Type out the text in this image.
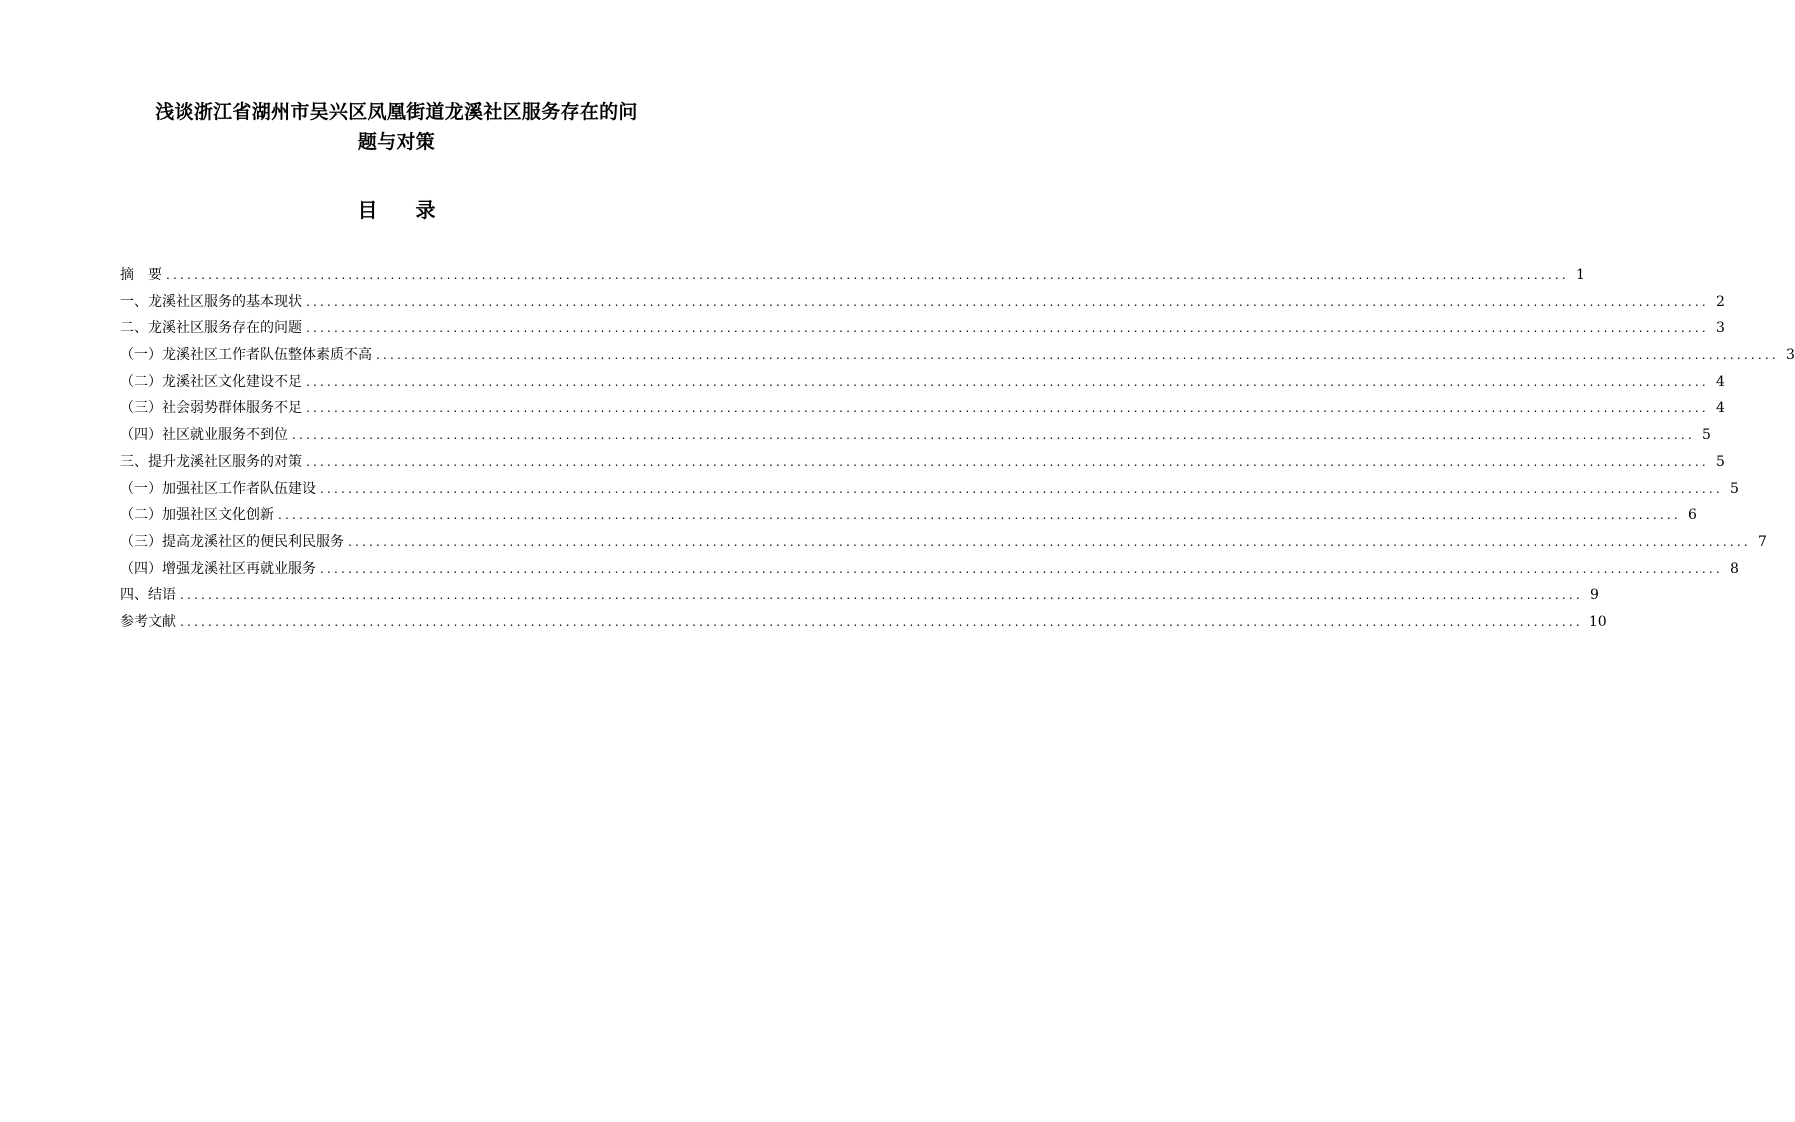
浅谈浙江省湖州市吴兴区凤凰街道龙溪社区服务存在的问
题与对策
目 录
摘　要 ........................................................................................................................................................................................................ 1
一、龙溪社区服务的基本现状 ........................................................................................................................................................................................................ 2
二、龙溪社区服务存在的问题 ........................................................................................................................................................................................................ 3
（一）龙溪社区工作者队伍整体素质不高 ........................................................................................................................................................................................................ 3
（二）龙溪社区文化建设不足 ........................................................................................................................................................................................................ 4
（三）社会弱势群体服务不足 ........................................................................................................................................................................................................ 4
（四）社区就业服务不到位 ........................................................................................................................................................................................................ 5
三、提升龙溪社区服务的对策 ........................................................................................................................................................................................................ 5
（一）加强社区工作者队伍建设 ........................................................................................................................................................................................................ 5
（二）加强社区文化创新 ........................................................................................................................................................................................................ 6
（三）提高龙溪社区的便民利民服务 ........................................................................................................................................................................................................ 7
（四）增强龙溪社区再就业服务 ........................................................................................................................................................................................................ 8
四、结语 ........................................................................................................................................................................................................ 9
参考文献 ........................................................................................................................................................................................................ 10
